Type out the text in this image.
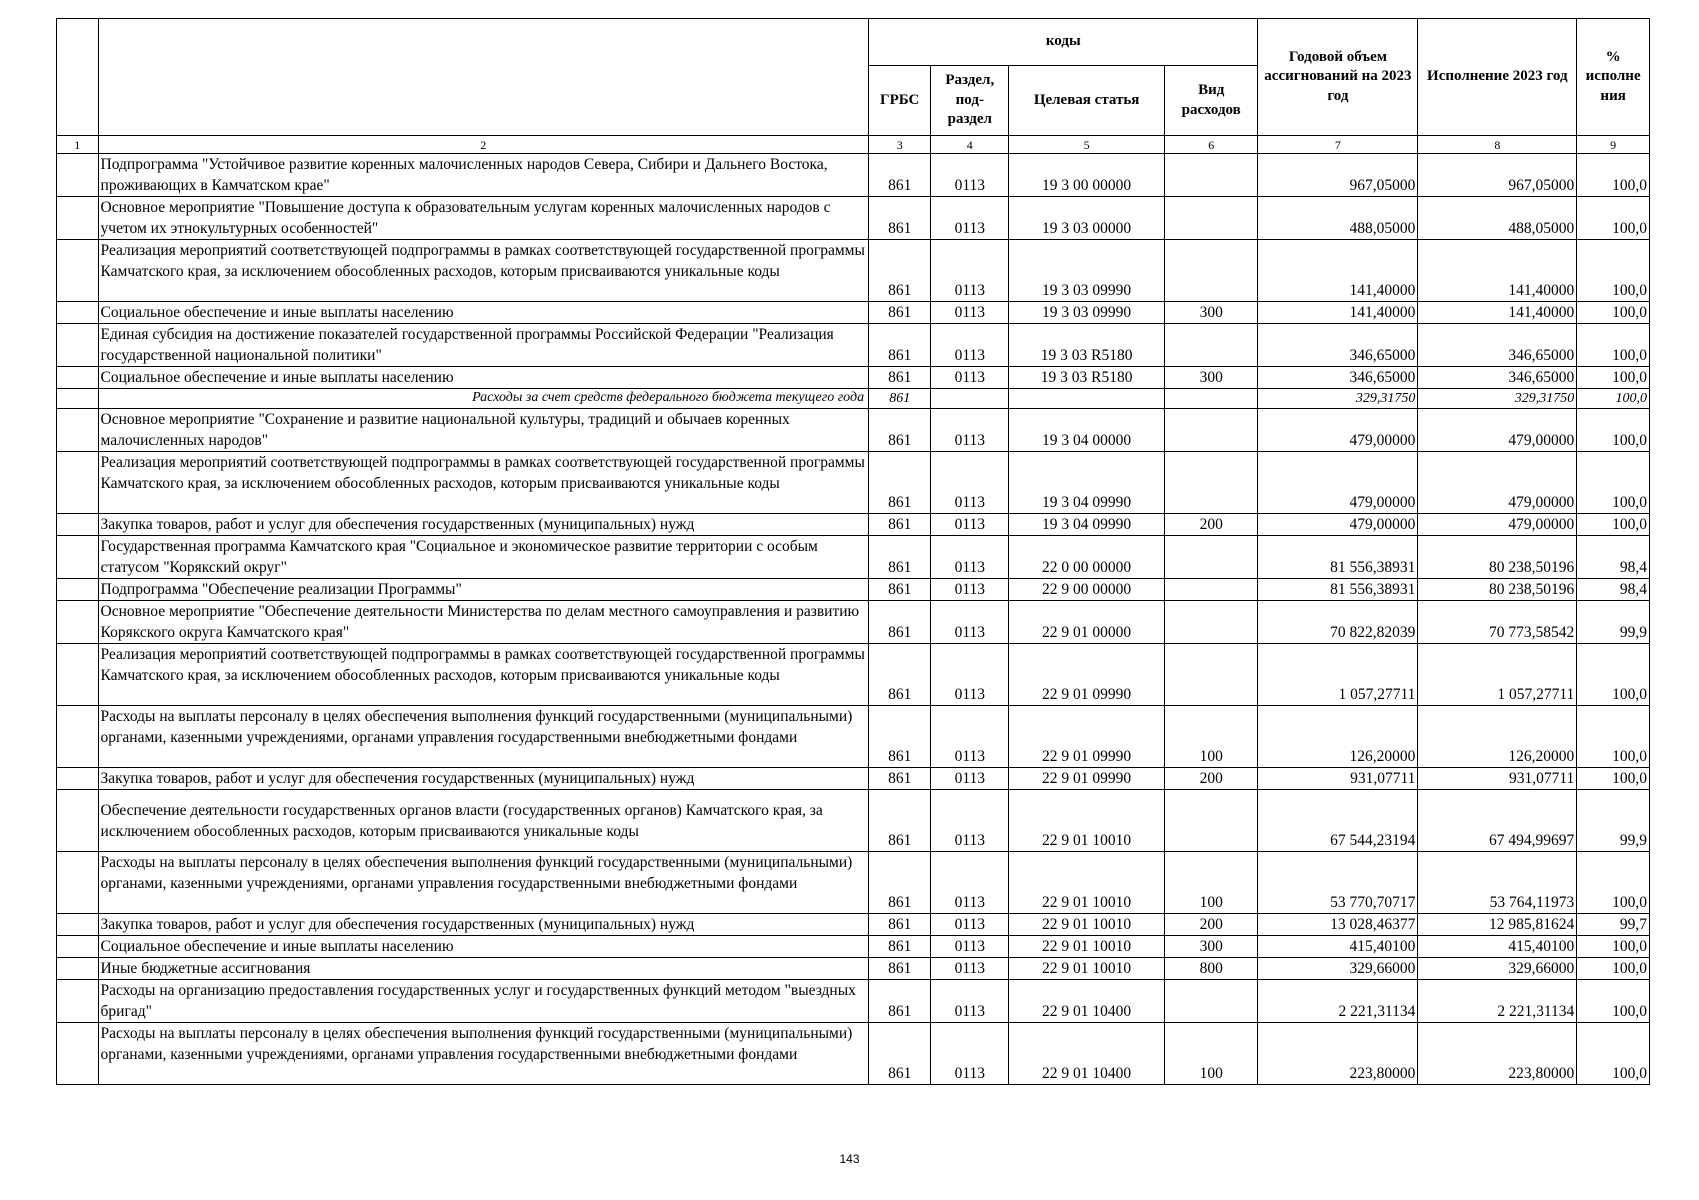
		коды				Годовой объем ассигнований на 2023 год	Исполнение 2023 год	% исполне ния
		ГРБС	Раздел, под-раздел	Целевая статья	Вид расходов			
1	2	3	4	5	6	7	8	9
	Подпрограмма "Устойчивое развитие коренных малочисленных народов Севера, Сибири и Дальнего Востока, проживающих в Камчатском крае"	861	0113	19 3 00 00000		967,05000	967,05000	100,0
	Основное мероприятие "Повышение доступа к образовательным услугам коренных малочисленных народов с учетом их этнокультурных особенностей"	861	0113	19 3 03 00000		488,05000	488,05000	100,0
	Реализация мероприятий соответствующей подпрограммы в рамках соответствующей государственной программы Камчатского края, за исключением обособленных расходов, которым присваиваются уникальные коды	861	0113	19 3 03 09990		141,40000	141,40000	100,0
	Социальное обеспечение и иные выплаты населению	861	0113	19 3 03 09990	300	141,40000	141,40000	100,0
	Единая субсидия на достижение показателей государственной программы Российской Федерации "Реализация государственной национальной политики"	861	0113	19 3 03 R5180		346,65000	346,65000	100,0
	Социальное обеспечение и иные выплаты населению	861	0113	19 3 03 R5180	300	346,65000	346,65000	100,0
	Расходы за счет средств федерального бюджета текущего года	861				329,31750	329,31750	100,0
	Основное мероприятие "Сохранение и развитие национальной культуры, традиций и обычаев коренных малочисленных народов"	861	0113	19 3 04 00000		479,00000	479,00000	100,0
	Реализация мероприятий соответствующей подпрограммы в рамках соответствующей государственной программы Камчатского края, за исключением обособленных расходов, которым присваиваются уникальные коды	861	0113	19 3 04 09990		479,00000	479,00000	100,0
	Закупка товаров, работ и услуг для обеспечения государственных (муниципальных) нужд	861	0113	19 3 04 09990	200	479,00000	479,00000	100,0
	Государственная программа Камчатского края "Социальное и экономическое развитие территории с особым статусом "Корякский округ"	861	0113	22 0 00 00000		81 556,38931	80 238,50196	98,4
	Подпрограмма "Обеспечение реализации Программы"	861	0113	22 9 00 00000		81 556,38931	80 238,50196	98,4
	Основное мероприятие "Обеспечение деятельности Министерства по делам местного самоуправления и развитию Корякского округа Камчатского края"	861	0113	22 9 01 00000		70 822,82039	70 773,58542	99,9
	Реализация мероприятий соответствующей подпрограммы в рамках соответствующей государственной программы Камчатского края, за исключением обособленных расходов, которым присваиваются уникальные коды	861	0113	22 9 01 09990		1 057,27711	1 057,27711	100,0
	Расходы на выплаты персоналу в целях обеспечения выполнения функций государственными (муниципальными) органами, казенными учреждениями, органами управления государственными внебюджетными фондами	861	0113	22 9 01 09990	100	126,20000	126,20000	100,0
	Закупка товаров, работ и услуг для обеспечения государственных (муниципальных) нужд	861	0113	22 9 01 09990	200	931,07711	931,07711	100,0
	Обеспечение деятельности государственных органов власти (государственных органов) Камчатского края, за исключением обособленных расходов, которым присваиваются уникальные коды	861	0113	22 9 01 10010		67 544,23194	67 494,99697	99,9
	Расходы на выплаты персоналу в целях обеспечения выполнения функций государственными (муниципальными) органами, казенными учреждениями, органами управления государственными внебюджетными фондами	861	0113	22 9 01 10010	100	53 770,70717	53 764,11973	100,0
	Закупка товаров, работ и услуг для обеспечения государственных (муниципальных) нужд	861	0113	22 9 01 10010	200	13 028,46377	12 985,81624	99,7
	Социальное обеспечение и иные выплаты населению	861	0113	22 9 01 10010	300	415,40100	415,40100	100,0
	Иные бюджетные ассигнования	861	0113	22 9 01 10010	800	329,66000	329,66000	100,0
	Расходы на организацию предоставления государственных услуг и государственных функций методом "выездных бригад"	861	0113	22 9 01 10400		2 221,31134	2 221,31134	100,0
	Расходы на выплаты персоналу в целях обеспечения выполнения функций государственными (муниципальными) органами, казенными учреждениями, органами управления государственными внебюджетными фондами	861	0113	22 9 01 10400	100	223,80000	223,80000	100,0
143
